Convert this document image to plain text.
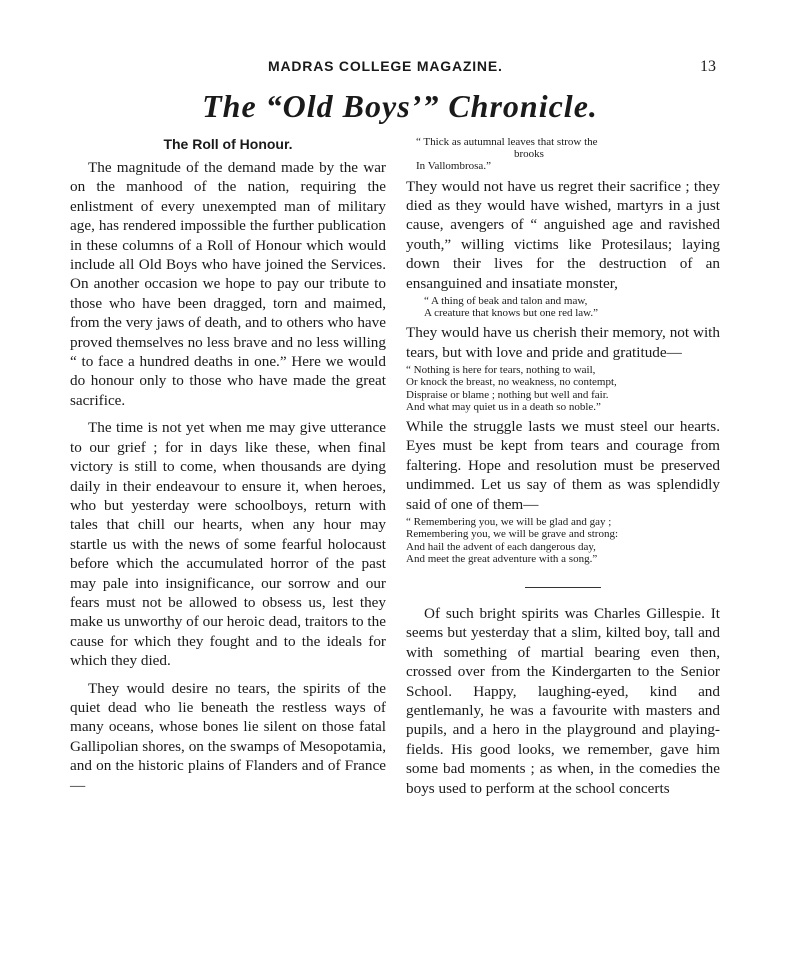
MADRAS COLLEGE MAGAZINE.	13
The “Old Boys’” Chronicle.
The Roll of Honour.

The magnitude of the demand made by the war on the manhood of the nation, requiring the enlistment of every unexempted man of military age, has rendered impossible the further publication in these columns of a Roll of Honour which would include all Old Boys who have joined the Services. On another occasion we hope to pay our tribute to those who have been dragged, torn and maimed, from the very jaws of death, and to others who have proved themselves no less brave and no less willing “ to face a hundred deaths in one.” Here we would do honour only to those who have made the great sacrifice.

The time is not yet when me may give utterance to our grief ; for in days like these, when final victory is still to come, when thousands are dying daily in their endeavour to ensure it, when heroes, who but yesterday were schoolboys, return with tales that chill our hearts, when any hour may startle us with the news of some fearful holocaust before which the accumulated horror of the past may pale into insignificance, our sorrow and our fears must not be allowed to obsess us, lest they make us unworthy of our heroic dead, traitors to the cause for which they fought and to the ideals for which they died.

They would desire no tears, the spirits of the quiet dead who lie beneath the restless ways of many oceans, whose bones lie silent on those fatal Gallipolian shores, on the swamps of Mesopotamia, and on the historic plains of Flanders and of France—

“ Thick as autumnal leaves that strow the
brooks
In Vallombrosa.”

They would not have us regret their sacrifice ; they died as they would have wished, martyrs in a just cause, avengers of “ anguished age and ravished youth,” willing victims like Protesilaus; laying down their lives for the destruction of an ensanguined and insatiate monster,

“ A thing of beak and talon and maw,
A creature that knows but one red law.”

They would have us cherish their memory, not with tears, but with love and pride and gratitude—

“ Nothing is here for tears, nothing to wail,
Or knock the breast, no weakness, no contempt,
Dispraise or blame ; nothing but well and fair.
And what may quiet us in a death so noble.”

While the struggle lasts we must steel our hearts. Eyes must be kept from tears and courage from faltering. Hope and resolution must be preserved undimmed. Let us say of them as was splendidly said of one of them—

“ Remembering you, we will be glad and gay ;
Remembering you, we will be grave and strong:
And hail the advent of each dangerous day,
And meet the great adventure with a song.”

Of such bright spirits was Charles Gillespie. It seems but yesterday that a slim, kilted boy, tall and with something of martial bearing even then, crossed over from the Kindergarten to the Senior School. Happy, laughing-eyed, kind and gentlemanly, he was a favourite with masters and pupils, and a hero in the playground and playing-fields. His good looks, we remember, gave him some bad moments ; as when, in the comedies the boys used to perform at the school concerts
